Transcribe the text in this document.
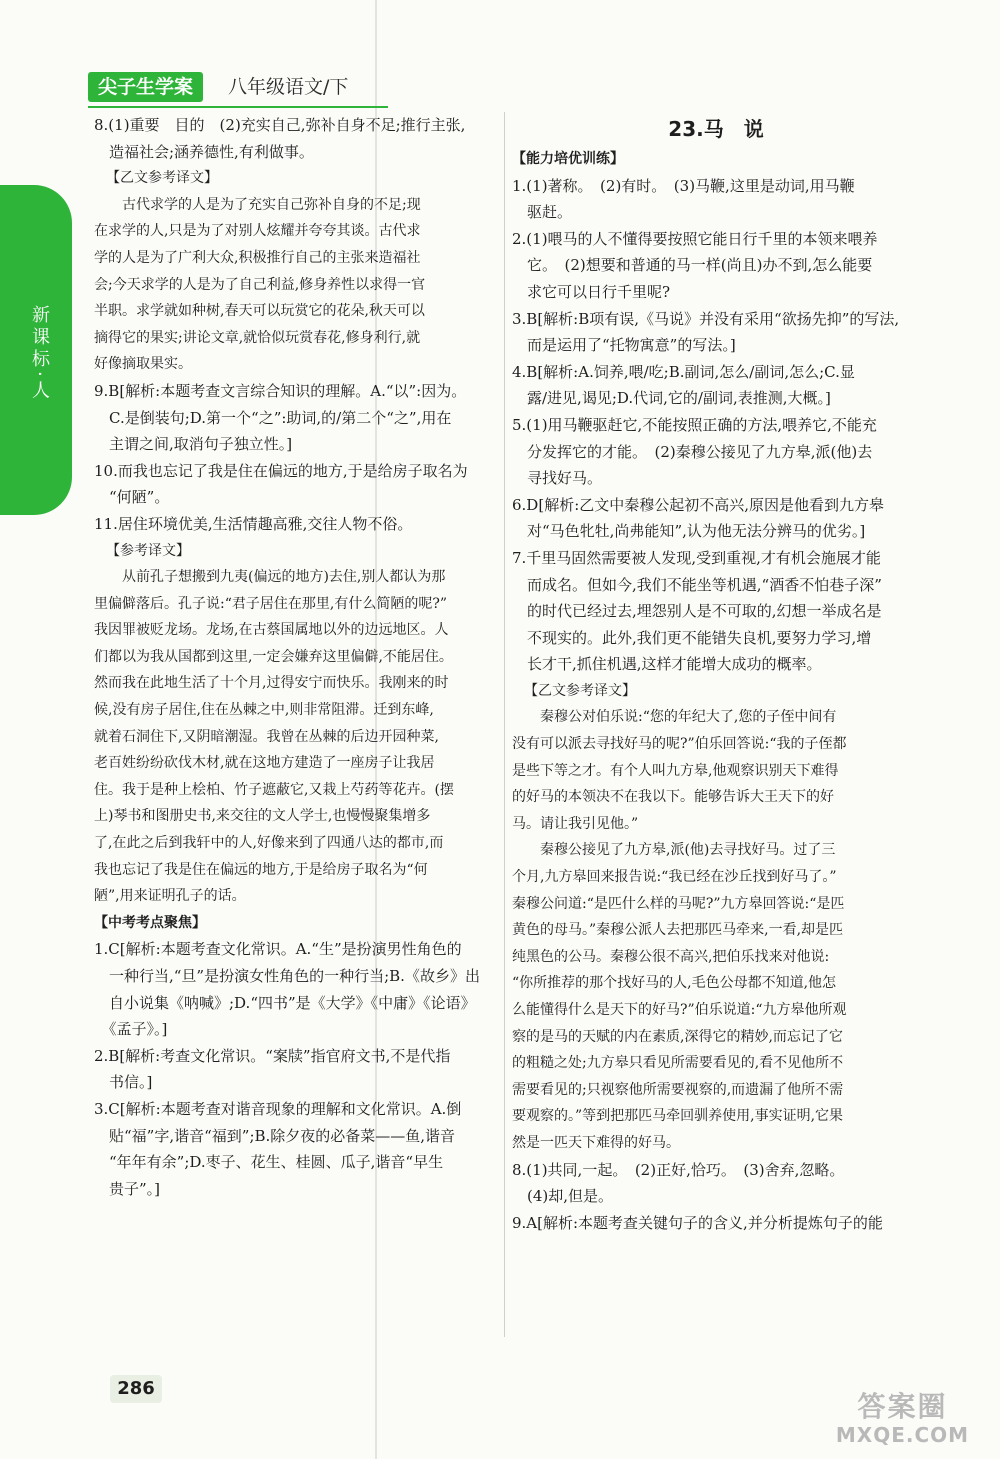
尖子生学案	八年级语文/下
新课标·人

8.(1)重要　目的　(2)充实自己,弥补自身不足;推行主张,

　造福社会;涵养德性,有利做事。

【乙文参考译文】

　　古代求学的人是为了充实自己弥补自身的不足;现

在求学的人,只是为了对别人炫耀并夸夸其谈。古代求

学的人是为了广利大众,积极推行自己的主张来造福社

会;今天求学的人是为了自己利益,修身养性以求得一官

半职。求学就如种树,春天可以玩赏它的花朵,秋天可以

摘得它的果实;讲论文章,就恰似玩赏春花,修身利行,就

好像摘取果实。

9.B[解析:本题考查文言综合知识的理解。A.“以”:因为。

　C.是倒装句;D.第一个“之”:助词,的/第二个“之”,用在

　主谓之间,取消句子独立性。]

10.而我也忘记了我是住在偏远的地方,于是给房子取名为

　“何陋”。

11.居住环境优美,生活情趣高雅,交往人物不俗。

【参考译文】

　　从前孔子想搬到九夷(偏远的地方)去住,别人都认为那

里偏僻落后。孔子说:“君子居住在那里,有什么简陋的呢?”

我因罪被贬龙场。龙场,在古蔡国属地以外的边远地区。人

们都以为我从国都到这里,一定会嫌弃这里偏僻,不能居住。

然而我在此地生活了十个月,过得安宁而快乐。我刚来的时

候,没有房子居住,住在丛棘之中,则非常阻滞。迁到东峰,

就着石洞住下,又阴暗潮湿。我曾在丛棘的后边开园种菜,

老百姓纷纷砍伐木材,就在这地方建造了一座房子让我居

住。我于是种上桧柏、竹子遮蔽它,又栽上芍药等花卉。(摆

上)琴书和图册史书,来交往的文人学士,也慢慢聚集增多

了,在此之后到我轩中的人,好像来到了四通八达的都市,而

我也忘记了我是住在偏远的地方,于是给房子取名为“何

陋”,用来证明孔子的话。

【中考考点聚焦】

1.C[解析:本题考查文化常识。A.“生”是扮演男性角色的

　一种行当,“旦”是扮演女性角色的一种行当;B.《故乡》出

　自小说集《呐喊》;D.“四书”是《大学》《中庸》《论语》

　《孟子》。]

2.B[解析:考查文化常识。“案牍”指官府文书,不是代指

　书信。]

3.C[解析:本题考查对谐音现象的理解和文化常识。A.倒

　贴“福”字,谐音“福到”;B.除夕夜的必备菜——鱼,谐音

　“年年有余”;D.枣子、花生、桂圆、瓜子,谐音“早生

　贵子”。]

23.马　说

【能力培优训练】

1.(1)著称。　(2)有时。　(3)马鞭,这里是动词,用马鞭

　驱赶。

2.(1)喂马的人不懂得要按照它能日行千里的本领来喂养

　它。　(2)想要和普通的马一样(尚且)办不到,怎么能要

　求它可以日行千里呢?

3.B[解析:B项有误,《马说》并没有采用“欲扬先抑”的写法,

　而是运用了“托物寓意”的写法。]

4.B[解析:A.饲养,喂/吃;B.副词,怎么/副词,怎么;C.显

　露/进见,谒见;D.代词,它的/副词,表推测,大概。]

5.(1)用马鞭驱赶它,不能按照正确的方法,喂养它,不能充

　分发挥它的才能。　(2)秦穆公接见了九方皋,派(他)去

　寻找好马。

6.D[解析:乙文中秦穆公起初不高兴,原因是他看到九方皋

　对“马色牝牡,尚弗能知”,认为他无法分辨马的优劣。]

7.千里马固然需要被人发现,受到重视,才有机会施展才能

　而成名。但如今,我们不能坐等机遇,“酒香不怕巷子深”

　的时代已经过去,埋怨别人是不可取的,幻想一举成名是

　不现实的。此外,我们更不能错失良机,要努力学习,增

　长才干,抓住机遇,这样才能增大成功的概率。

【乙文参考译文】

　　秦穆公对伯乐说:“您的年纪大了,您的子侄中间有

没有可以派去寻找好马的呢?”伯乐回答说:“我的子侄都

是些下等之才。有个人叫九方皋,他观察识别天下难得

的好马的本领决不在我以下。能够告诉大王天下的好

马。请让我引见他。”

　　秦穆公接见了九方皋,派(他)去寻找好马。过了三

个月,九方皋回来报告说:“我已经在沙丘找到好马了。”

秦穆公问道:“是匹什么样的马呢?”九方皋回答说:“是匹

黄色的母马。”秦穆公派人去把那匹马牵来,一看,却是匹

纯黑色的公马。秦穆公很不高兴,把伯乐找来对他说:

“你所推荐的那个找好马的人,毛色公母都不知道,他怎

么能懂得什么是天下的好马?”伯乐说道:“九方皋他所观

察的是马的天赋的内在素质,深得它的精妙,而忘记了它

的粗糙之处;九方皋只看见所需要看见的,看不见他所不

需要看见的;只视察他所需要视察的,而遗漏了他所不需

要观察的。”等到把那匹马牵回驯养使用,事实证明,它果

然是一匹天下难得的好马。

8.(1)共同,一起。　(2)正好,恰巧。　(3)舍弃,忽略。

　(4)却,但是。

9.A[解析:本题考查关键句子的含义,并分析提炼句子的能

286
答案圈
MXQE.COM
